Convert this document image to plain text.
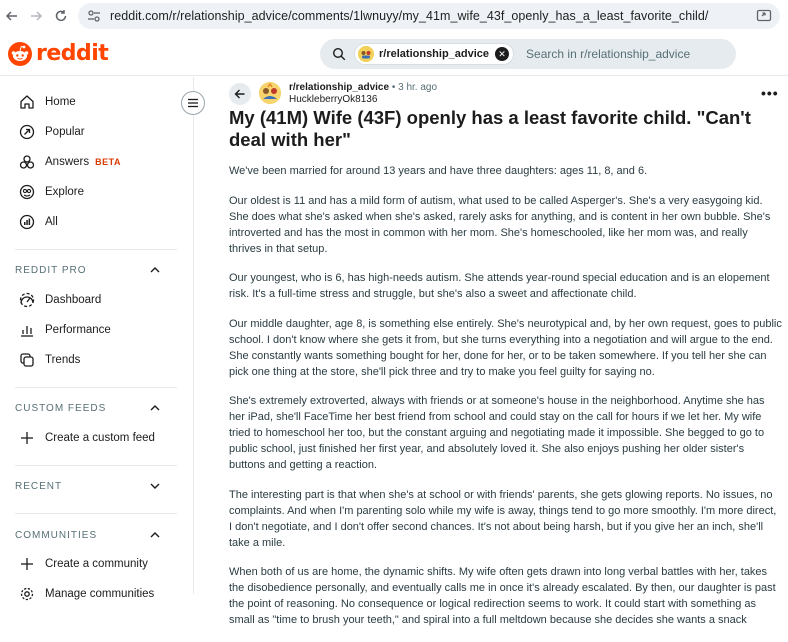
reddit.com/r/relationship_advice/comments/1lwnuyy/my_41m_wife_43f_openly_has_a_least_favorite_child/
reddit	r/relationship_advice	✕ Search in r/relationship_advice
Home
Popular
Answers BETA
Explore
All
REDDIT PRO
Dashboard
Performance
Trends
CUSTOM FEEDS
Create a custom feed
RECENT
COMMUNITIES
Create a community
Manage communities
r/relationship_advice • 3 hr. ago
HuckleberryOk8136	•••
My (41M) Wife (43F) openly has a least favorite child. "Can't deal with her"

We've been married for around 13 years and have three daughters: ages 11, 8, and 6.

Our oldest is 11 and has a mild form of autism, what used to be called Asperger's. She's a very easygoing kid. She does what she's asked when she's asked, rarely asks for anything, and is content in her own bubble. She's introverted and has the most in common with her mom. She's homeschooled, like her mom was, and really thrives in that setup.

Our youngest, who is 6, has high-needs autism. She attends year-round special education and is an elopement risk. It's a full-time stress and struggle, but she's also a sweet and affectionate child.

Our middle daughter, age 8, is something else entirely. She's neurotypical and, by her own request, goes to public school. I don't know where she gets it from, but she turns everything into a negotiation and will argue to the end. She constantly wants something bought for her, done for her, or to be taken somewhere. If you tell her she can pick one thing at the store, she'll pick three and try to make you feel guilty for saying no.

She's extremely extroverted, always with friends or at someone's house in the neighborhood. Anytime she has her iPad, she'll FaceTime her best friend from school and could stay on the call for hours if we let her. My wife tried to homeschool her too, but the constant arguing and negotiating made it impossible. She begged to go to public school, just finished her first year, and absolutely loved it. She also enjoys pushing her older sister's buttons and getting a reaction.

The interesting part is that when she's at school or with friends' parents, she gets glowing reports. No issues, no complaints. And when I'm parenting solo while my wife is away, things tend to go more smoothly. I'm more direct, I don't negotiate, and I don't offer second chances. It's not about being harsh, but if you give her an inch, she'll take a mile.

When both of us are home, the dynamic shifts. My wife often gets drawn into long verbal battles with her, takes the disobedience personally, and eventually calls me in once it's already escalated. By then, our daughter is past the point of reasoning. No consequence or logical redirection seems to work. It could start with something as small as "time to brush your teeth," and spiral into a full meltdown because she decides she wants a snack
